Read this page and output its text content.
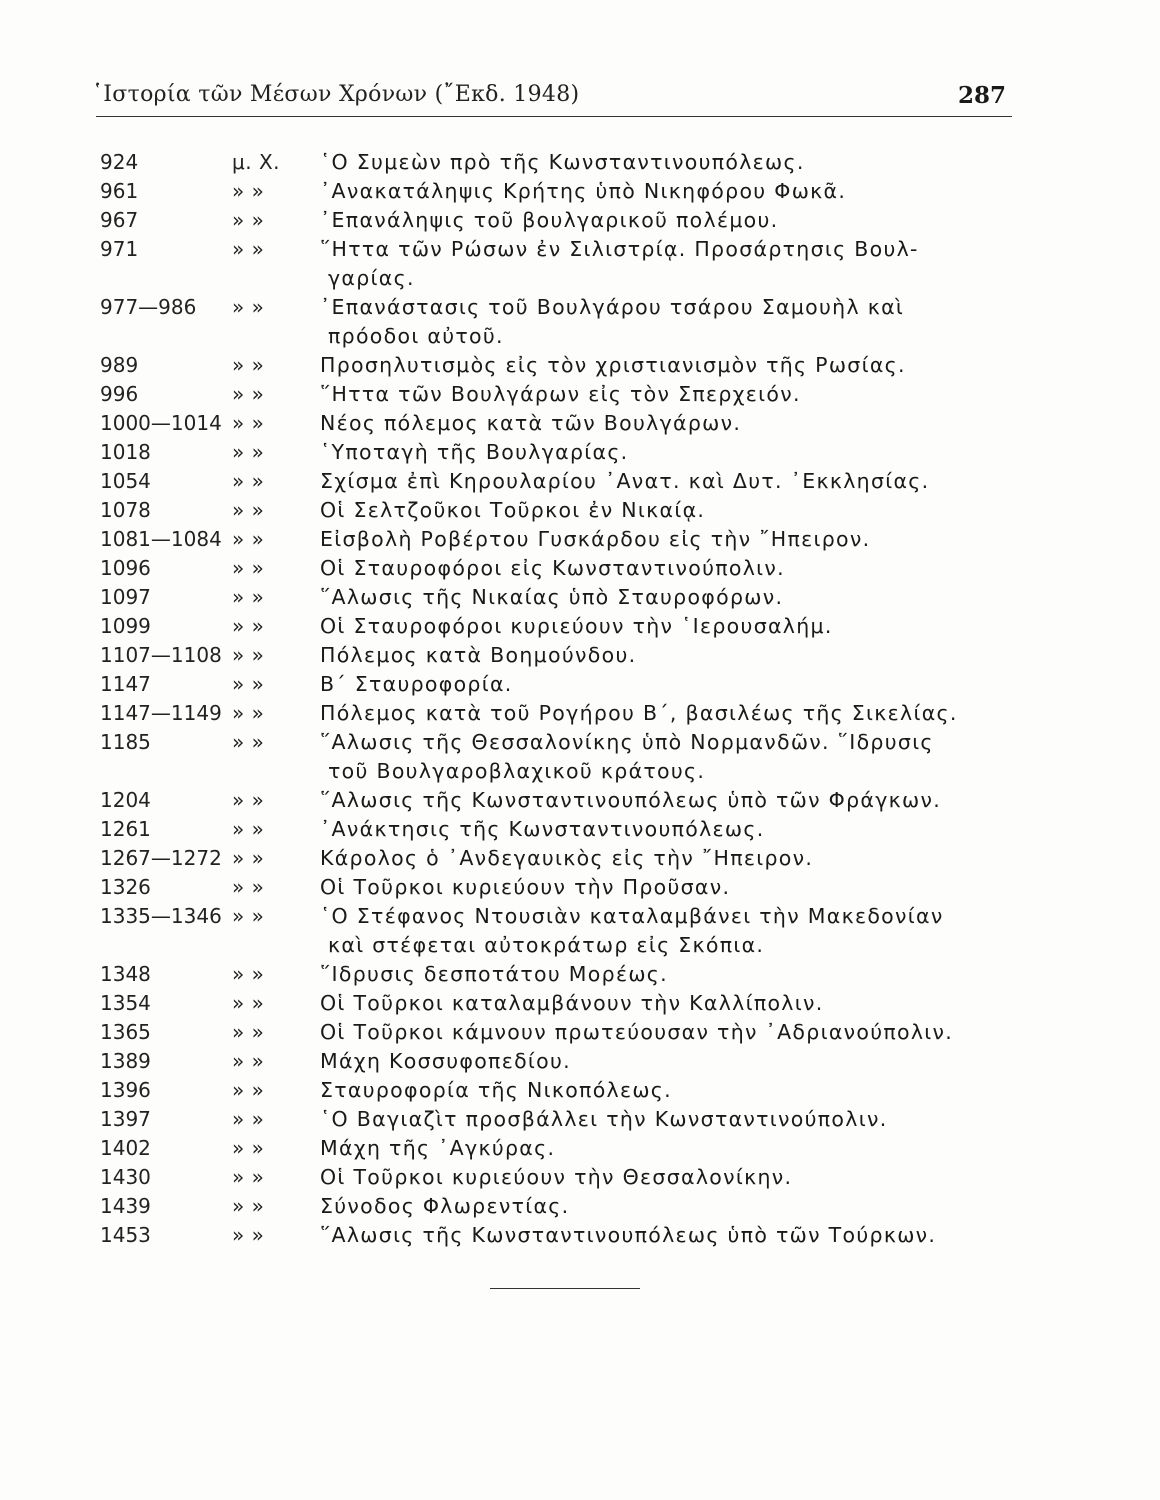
῾Ιστορία τῶν Μέσων Χρόνων (῎Εκδ. 1948)	287
924	μ. Χ. ῾Ο Συμεὼν πρὸ τῆς Κωνσταντινουπόλεως.
961	» »	᾿Ανακατάληψις Κρήτης ὑπὸ Νικηφόρου Φωκᾶ.
967	» »	᾿Επανάληψις τοῦ βουλγαρικοῦ πολέμου.
971	» »	῞Ηττα τῶν Ρώσων ἐν Σιλιστρίᾳ. Προσάρτησις Βουλ-
γαρίας.
977—986 » »	᾿Επανάστασις τοῦ Βουλγάρου τσάρου Σαμουὴλ καὶ
πρόοδοι αὐτοῦ.
989	» »	Προσηλυτισμὸς εἰς τὸν χριστιανισμὸν τῆς Ρωσίας.
996	» »	῞Ηττα τῶν Βουλγάρων εἰς τὸν Σπερχειόν.
1000—1014 » »	Νέος πόλεμος κατὰ τῶν Βουλγάρων.
1018	» »	῾Υποταγὴ τῆς Βουλγαρίας.
1054	» »	Σχίσμα ἐπὶ Κηρουλαρίου ᾿Ανατ. καὶ Δυτ. ᾿Εκκλησίας.
1078	» »	Οἱ Σελτζοῦκοι Τοῦρκοι ἐν Νικαίᾳ.
1081—1084 » »	Εἰσβολὴ Ροβέρτου Γυσκάρδου εἰς τὴν ῎Ηπειρον.
1096	» »	Οἱ Σταυροφόροι εἰς Κωνσταντινούπολιν.
1097	» »	῞Αλωσις τῆς Νικαίας ὑπὸ Σταυροφόρων.
1099	» »	Οἱ Σταυροφόροι κυριεύουν τὴν ῾Ιερουσαλήμ.
1107—1108 » »	Πόλεμος κατὰ Βοημούνδου.
1147	» »	Β΄ Σταυροφορία.
1147—1149 » »	Πόλεμος κατὰ τοῦ Ρογήρου Β΄, βασιλέως τῆς Σικελίας.
1185	» »	῞Αλωσις τῆς Θεσσαλονίκης ὑπὸ Νορμανδῶν. ῞Ιδρυσις
τοῦ Βουλγαροβλαχικοῦ κράτους.
1204	» »	῞Αλωσις τῆς Κωνσταντινουπόλεως ὑπὸ τῶν Φράγκων.
1261	» »	᾿Ανάκτησις τῆς Κωνσταντινουπόλεως.
1267—1272 » »	Κάρολος ὁ ᾿Ανδεγαυικὸς εἰς τὴν ῎Ηπειρον.
1326	» »	Οἱ Τοῦρκοι κυριεύουν τὴν Προῦσαν.
1335—1346 » »	῾Ο Στέφανος Ντουσιὰν καταλαμβάνει τὴν Μακεδονίαν
καὶ στέφεται αὐτοκράτωρ εἰς Σκόπια.
1348	» »	῞Ιδρυσις δεσποτάτου Μορέως.
1354	» »	Οἱ Τοῦρκοι καταλαμβάνουν τὴν Καλλίπολιν.
1365	» »	Οἱ Τοῦρκοι κάμνουν πρωτεύουσαν τὴν ᾿Αδριανούπολιν.
1389	» »	Μάχη Κοσσυφοπεδίου.
1396	» »	Σταυροφορία τῆς Νικοπόλεως.
1397	» »	῾Ο Βαγιαζὶτ προσβάλλει τὴν Κωνσταντινούπολιν.
1402	» »	Μάχη τῆς ᾿Αγκύρας.
1430	» »	Οἱ Τοῦρκοι κυριεύουν τὴν Θεσσαλονίκην.
1439	» »	Σύνοδος Φλωρεντίας.
1453	» »	῞Αλωσις τῆς Κωνσταντινουπόλεως ὑπὸ τῶν Τούρκων.
